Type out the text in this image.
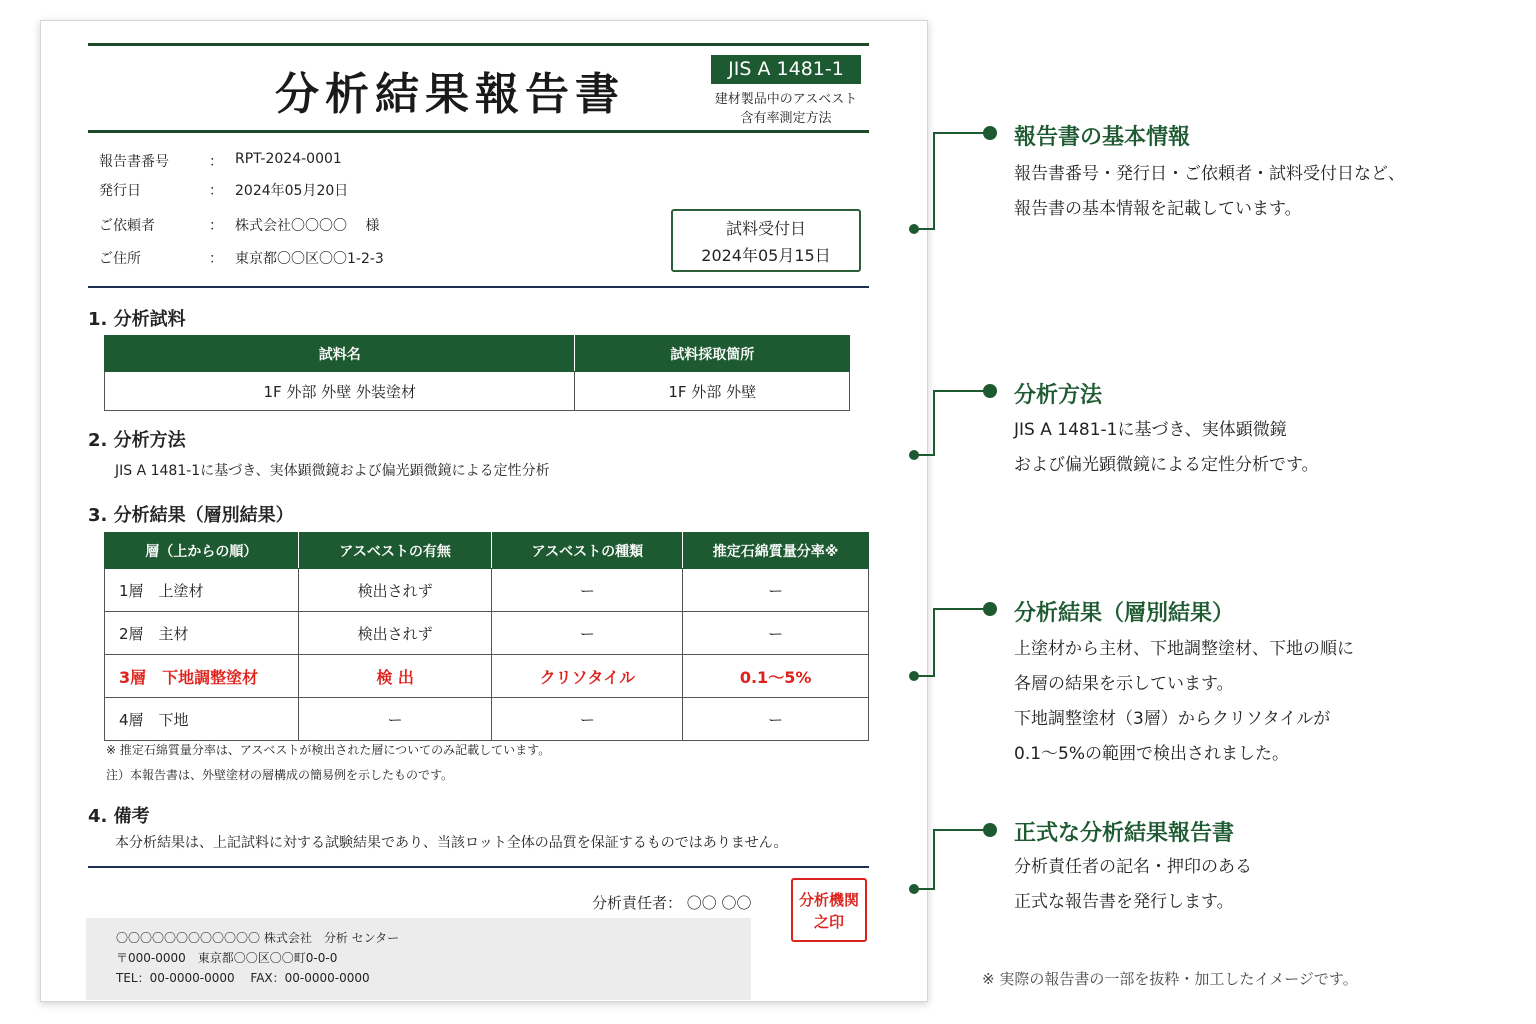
分析結果報告書	JIS A 1481-1
建材製品中のアスベスト
含有率測定方法
報告書番号	： RPT-2024-0001
発行日	： 2024年05月20日
ご依頼者	： 株式会社〇〇〇〇　 様
ご住所	： 東京都〇〇区〇〇1-2-3
試料受付日
2024年05月15日
1. 分析試料
試料名	試料採取箇所
1F 外部 外壁 外装塗材	1F 外部 外壁
2. 分析方法
JIS A 1481-1に基づき、実体顕微鏡および偏光顕微鏡による定性分析
3. 分析結果（層別結果）
層（上からの順）	アスベストの有無	アスベストの種類	推定石綿質量分率※
1層　上塗材	検出されず	ー	ー
2層　主材	検出されず	ー	ー
3層　下地調整塗材	検 出	クリソタイル	0.1～5%
4層　下地	ー	ー	ー
※ 推定石綿質量分率は、アスベストが検出された層についてのみ記載しています。
注）本報告書は、外壁塗材の層構成の簡易例を示したものです。
4. 備考
本分析結果は、上記試料に対する試験結果であり、当該ロット全体の品質を保証するものではありません。
分析責任者： 〇〇 〇〇	分析機関
之印
〇〇〇〇〇〇〇〇〇〇〇〇 株式会社　分析 センター
〒000-0000　東京都〇〇区〇〇町0-0-0
TEL：00-0000-0000　 FAX：00-0000-0000
報告書の基本情報
報告書番号・発行日・ご依頼者・試料受付日など、
報告書の基本情報を記載しています。
分析方法
JIS A 1481-1に基づき、実体顕微鏡
および偏光顕微鏡による定性分析です。
分析結果（層別結果）
上塗材から主材、下地調整塗材、下地の順に
各層の結果を示しています。
下地調整塗材（3層）からクリソタイルが
0.1～5%の範囲で検出されました。
正式な分析結果報告書
分析責任者の記名・押印のある
正式な報告書を発行します。
※ 実際の報告書の一部を抜粋・加工したイメージです。
